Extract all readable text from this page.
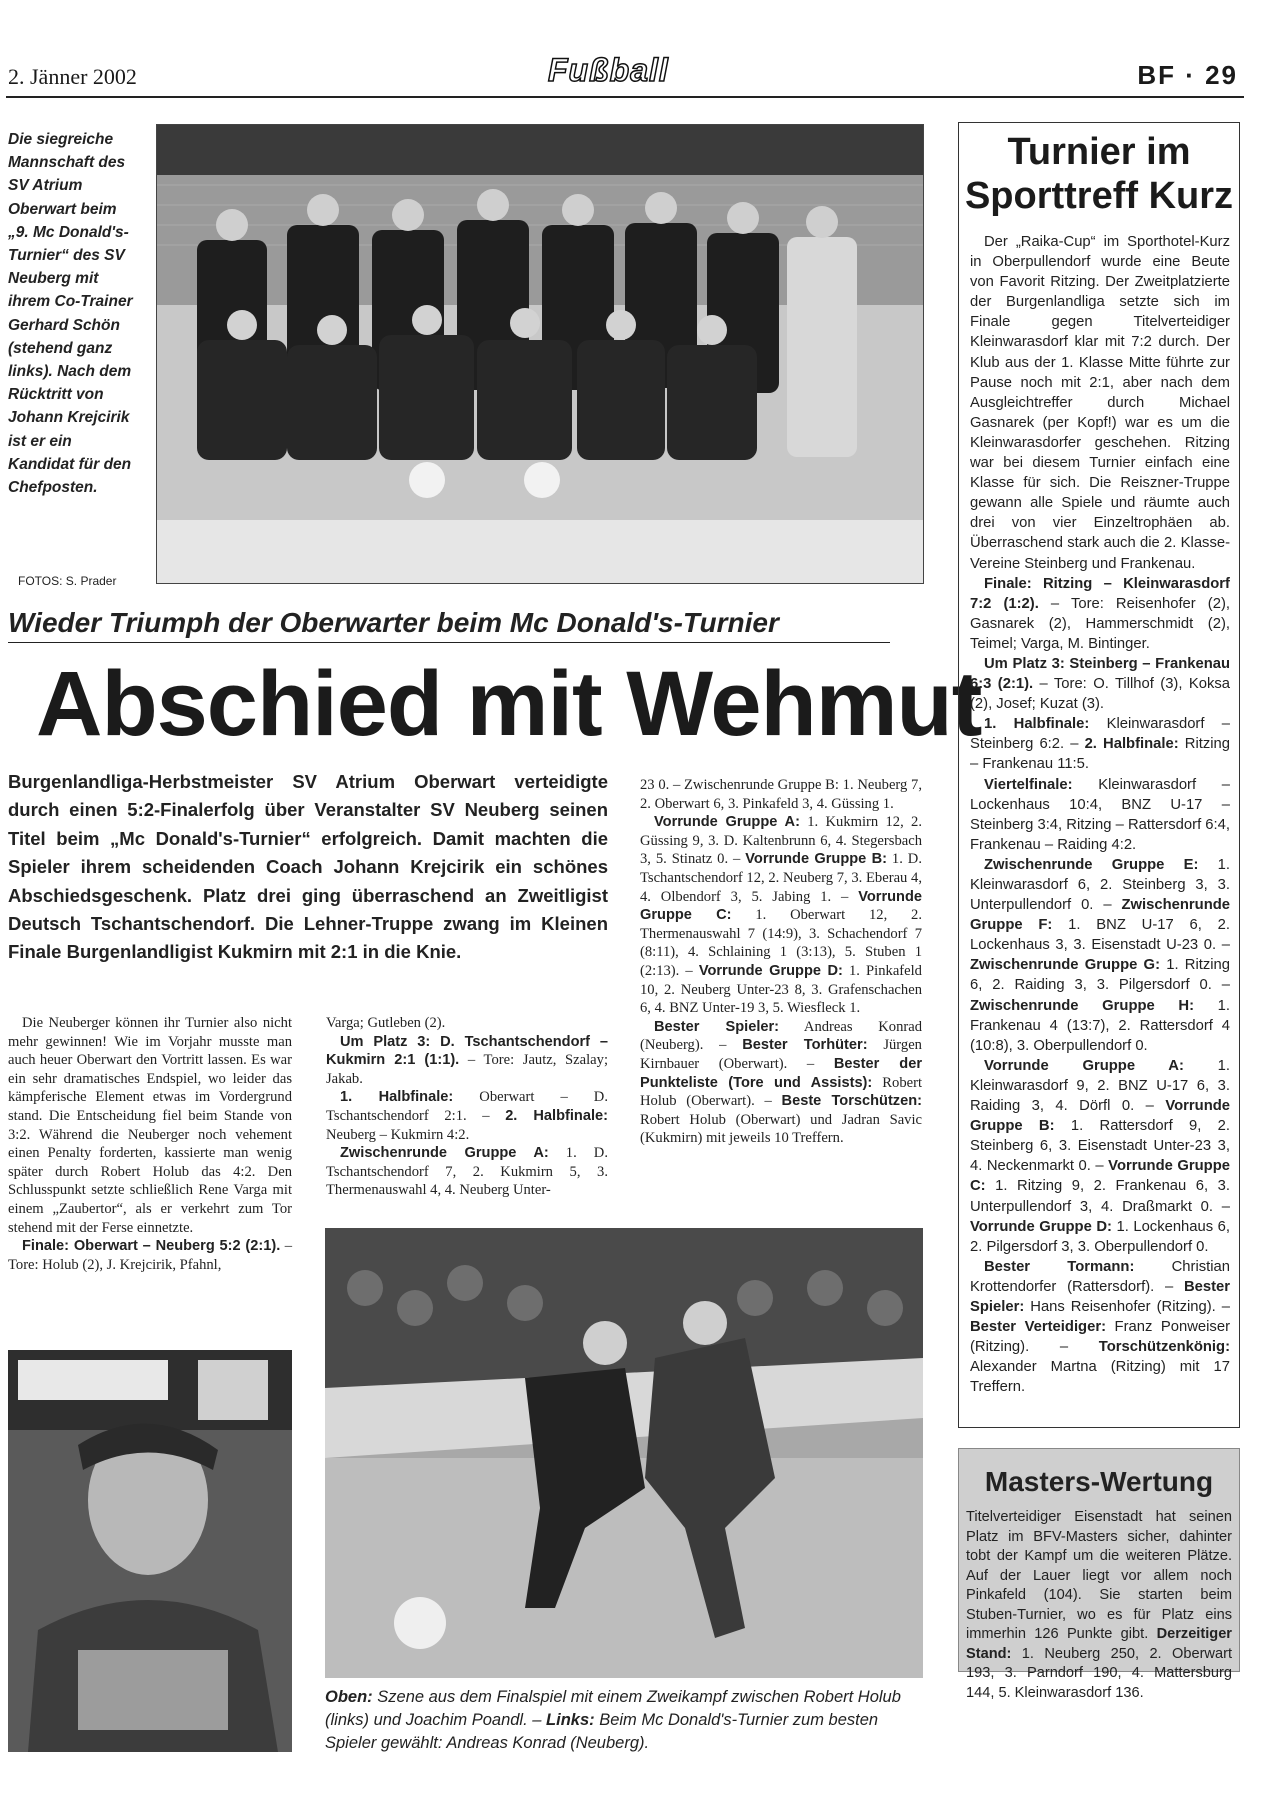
2. Jänner 2002	Fußball	BF · 29
Die siegreiche Mannschaft des SV Atrium Oberwart beim „9. Mc Donald's-Turnier“ des SV Neuberg mit ihrem Co-Trainer Gerhard Schön (stehend ganz links). Nach dem Rücktritt von Johann Krejcirik ist er ein Kandidat für den Chefposten.
FOTOS: S. Prader
Wieder Triumph der Oberwarter beim Mc Donald's-Turnier
Abschied mit Wehmut
Burgenlandliga-Herbstmeister SV Atrium Oberwart verteidigte durch einen 5:2-Finalerfolg über Veranstalter SV Neuberg seinen Titel beim „Mc Donald's-Turnier“ erfolgreich. Damit machten die Spieler ihrem scheidenden Coach Johann Krejcirik ein schönes Abschiedsgeschenk. Platz drei ging überraschend an Zweitligist Deutsch Tschantschendorf. Die Lehner-Truppe zwang im Kleinen Finale Burgenlandligist Kukmirn mit 2:1 in die Knie.

Die Neuberger können ihr Turnier also nicht mehr gewinnen! Wie im Vorjahr musste man auch heuer Oberwart den Vortritt lassen. Es war ein sehr dramatisches Endspiel, wo leider das kämpferische Element etwas im Vordergrund stand. Die Entscheidung fiel beim Stande von 3:2. Während die Neuberger noch vehement einen Penalty forderten, kassierte man wenig später durch Robert Holub das 4:2. Den Schlusspunkt setzte schließlich Rene Varga mit einem „Zaubertor“, als er verkehrt zum Tor stehend mit der Ferse einnetzte.

Finale: Oberwart – Neuberg 5:2 (2:1). – Tore: Holub (2), J. Krejcirik, Pfahnl,

Varga; Gutleben (2).

Um Platz 3: D. Tschantschendorf – Kukmirn 2:1 (1:1). – Tore: Jautz, Szalay; Jakab.

1. Halbfinale: Oberwart – D. Tschantschendorf 2:1. – 2. Halbfinale: Neuberg – Kukmirn 4:2.

Zwischenrunde Gruppe A: 1. D. Tschantschendorf 7, 2. Kukmirn 5, 3. Thermenauswahl 4, 4. Neuberg Unter-

23 0. – Zwischenrunde Gruppe B: 1. Neuberg 7, 2. Oberwart 6, 3. Pinkafeld 3, 4. Güssing 1.

Vorrunde Gruppe A: 1. Kukmirn 12, 2. Güssing 9, 3. D. Kaltenbrunn 6, 4. Stegersbach 3, 5. Stinatz 0. – Vorrunde Gruppe B: 1. D. Tschantschendorf 12, 2. Neuberg 7, 3. Eberau 4, 4. Olbendorf 3, 5. Jabing 1. – Vorrunde Gruppe C: 1. Oberwart 12, 2. Thermenauswahl 7 (14:9), 3. Schachendorf 7 (8:11), 4. Schlaining 1 (3:13), 5. Stuben 1 (2:13). – Vorrunde Gruppe D: 1. Pinkafeld 10, 2. Neuberg Unter-23 8, 3. Grafenschachen 6, 4. BNZ Unter-19 3, 5. Wiesfleck 1.

Bester Spieler: Andreas Konrad (Neuberg). – Bester Torhüter: Jürgen Kirnbauer (Oberwart). – Bester der Punkteliste (Tore und Assists): Robert Holub (Oberwart). – Beste Torschützen: Robert Holub (Oberwart) und Jadran Savic (Kukmirn) mit jeweils 10 Treffern.

Oben: Szene aus dem Finalspiel mit einem Zweikampf zwischen Robert Holub (links) und Joachim Poandl. – Links: Beim Mc Donald's-Turnier zum besten Spieler gewählt: Andreas Konrad (Neuberg).
Turnier im Sporttreff Kurz

Der „Raika-Cup“ im Sporthotel-Kurz in Oberpullendorf wurde eine Beute von Favorit Ritzing. Der Zweitplatzierte der Burgenlandliga setzte sich im Finale gegen Titelverteidiger Kleinwarasdorf klar mit 7:2 durch. Der Klub aus der 1. Klasse Mitte führte zur Pause noch mit 2:1, aber nach dem Ausgleichtreffer durch Michael Gasnarek (per Kopf!) war es um die Kleinwarasdorfer geschehen. Ritzing war bei diesem Turnier einfach eine Klasse für sich. Die Reiszner-Truppe gewann alle Spiele und räumte auch drei von vier Einzeltrophäen ab. Überraschend stark auch die 2. Klasse-Vereine Steinberg und Frankenau.

Finale: Ritzing – Kleinwarasdorf 7:2 (1:2). – Tore: Reisenhofer (2), Gasnarek (2), Hammerschmidt (2), Teimel; Varga, M. Bintinger.

Um Platz 3: Steinberg – Frankenau 6:3 (2:1). – Tore: O. Tillhof (3), Koksa (2), Josef; Kuzat (3).

1. Halbfinale: Kleinwarasdorf – Steinberg 6:2. – 2. Halbfinale: Ritzing – Frankenau 11:5.

Viertelfinale: Kleinwarasdorf – Lockenhaus 10:4, BNZ U-17 – Steinberg 3:4, Ritzing – Rattersdorf 6:4, Frankenau – Raiding 4:2.

Zwischenrunde Gruppe E: 1. Kleinwarasdorf 6, 2. Steinberg 3, 3. Unterpullendorf 0. – Zwischenrunde Gruppe F: 1. BNZ U-17 6, 2. Lockenhaus 3, 3. Eisenstadt U-23 0. – Zwischenrunde Gruppe G: 1. Ritzing 6, 2. Raiding 3, 3. Pilgersdorf 0. – Zwischenrunde Gruppe H: 1. Frankenau 4 (13:7), 2. Rattersdorf 4 (10:8), 3. Oberpullendorf 0.

Vorrunde Gruppe A: 1. Kleinwarasdorf 9, 2. BNZ U-17 6, 3. Raiding 3, 4. Dörfl 0. – Vorrunde Gruppe B: 1. Rattersdorf 9, 2. Steinberg 6, 3. Eisenstadt Unter-23 3, 4. Neckenmarkt 0. – Vorrunde Gruppe C: 1. Ritzing 9, 2. Frankenau 6, 3. Unterpullendorf 3, 4. Draßmarkt 0. – Vorrunde Gruppe D: 1. Lockenhaus 6, 2. Pilgersdorf 3, 3. Oberpullendorf 0.

Bester Tormann: Christian Krottendorfer (Rattersdorf). – Bester Spieler: Hans Reisenhofer (Ritzing). – Bester Verteidiger: Franz Ponweiser (Ritzing). – Torschützenkönig: Alexander Martna (Ritzing) mit 17 Treffern.

Masters-Wertung
Titelverteidiger Eisenstadt hat seinen Platz im BFV-Masters sicher, dahinter tobt der Kampf um die weiteren Plätze. Auf der Lauer liegt vor allem noch Pinkafeld (104). Sie starten beim Stuben-Turnier, wo es für Platz eins immerhin 126 Punkte gibt. Derzeitiger Stand: 1. Neuberg 250, 2. Oberwart 193, 3. Parndorf 190, 4. Mattersburg 144, 5. Kleinwarasdorf 136.
